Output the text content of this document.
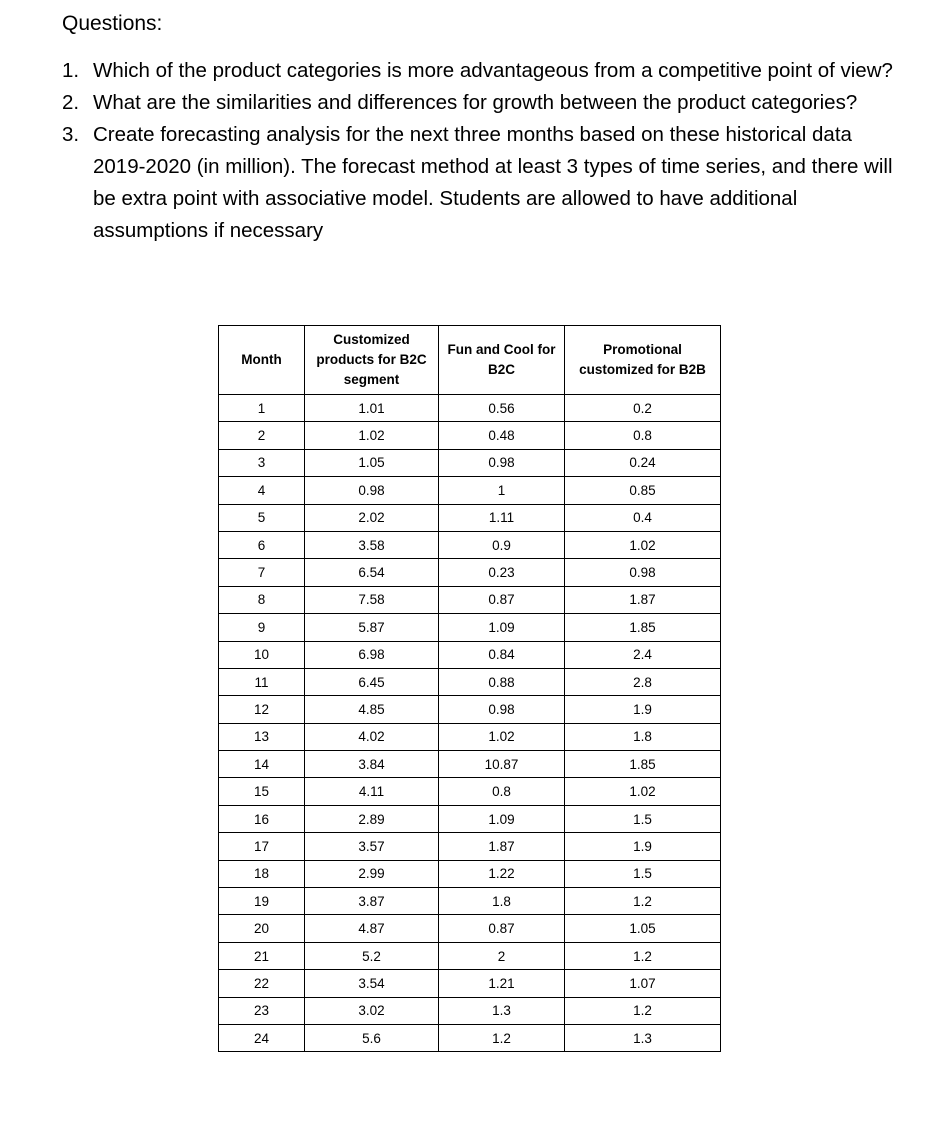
Questions:
1. Which of the product categories is more advantageous from a competitive point of view?
2. What are the similarities and differences for growth between the product categories?
3. Create forecasting analysis for the next three months based on these historical data 2019-2020 (in million). The forecast method at least 3 types of time series, and there will be extra point with associative model. Students are allowed to have additional assumptions if necessary
Month	Customized products for B2C segment	Fun and Cool for B2C	Promotional customized for B2B

1	1.01	0.56	0.2
2	1.02	0.48	0.8
3	1.05	0.98	0.24
4	0.98	1	0.85
5	2.02	1.11	0.4
6	3.58	0.9	1.02
7	6.54	0.23	0.98
8	7.58	0.87	1.87
9	5.87	1.09	1.85
10	6.98	0.84	2.4
11	6.45	0.88	2.8
12	4.85	0.98	1.9
13	4.02	1.02	1.8
14	3.84	10.87	1.85
15	4.11	0.8	1.02
16	2.89	1.09	1.5
17	3.57	1.87	1.9
18	2.99	1.22	1.5
19	3.87	1.8	1.2
20	4.87	0.87	1.05
21	5.2	2	1.2
22	3.54	1.21	1.07
23	3.02	1.3	1.2
24	5.6	1.2	1.3
